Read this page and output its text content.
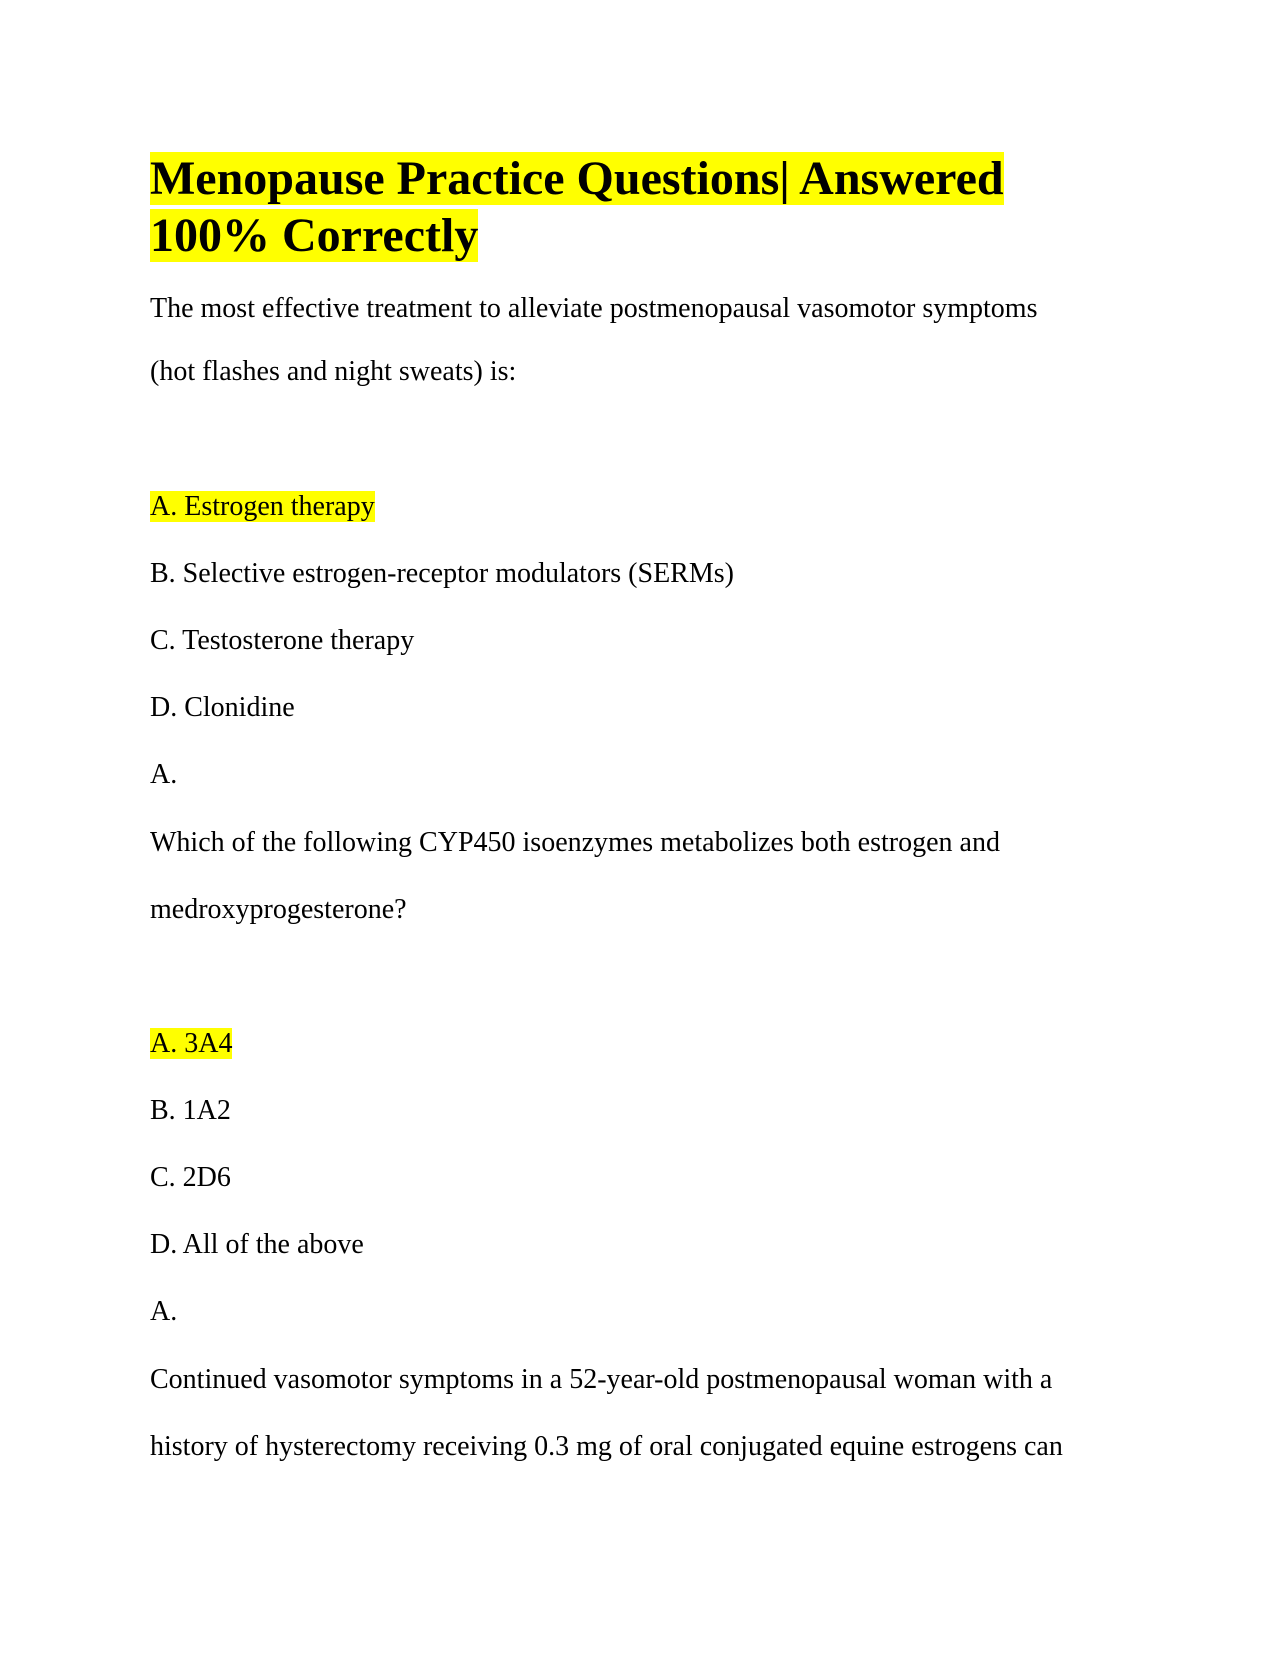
Menopause Practice Questions| Answered
100% Correctly

The most effective treatment to alleviate postmenopausal vasomotor symptoms

(hot flashes and night sweats) is:

A. Estrogen therapy

B. Selective estrogen-receptor modulators (SERMs)

C. Testosterone therapy

D. Clonidine

A.

Which of the following CYP450 isoenzymes metabolizes both estrogen and

medroxyprogesterone?

A. 3A4

B. 1A2

C. 2D6

D. All of the above

A.

Continued vasomotor symptoms in a 52-year-old postmenopausal woman with a

history of hysterectomy receiving 0.3 mg of oral conjugated equine estrogens can
